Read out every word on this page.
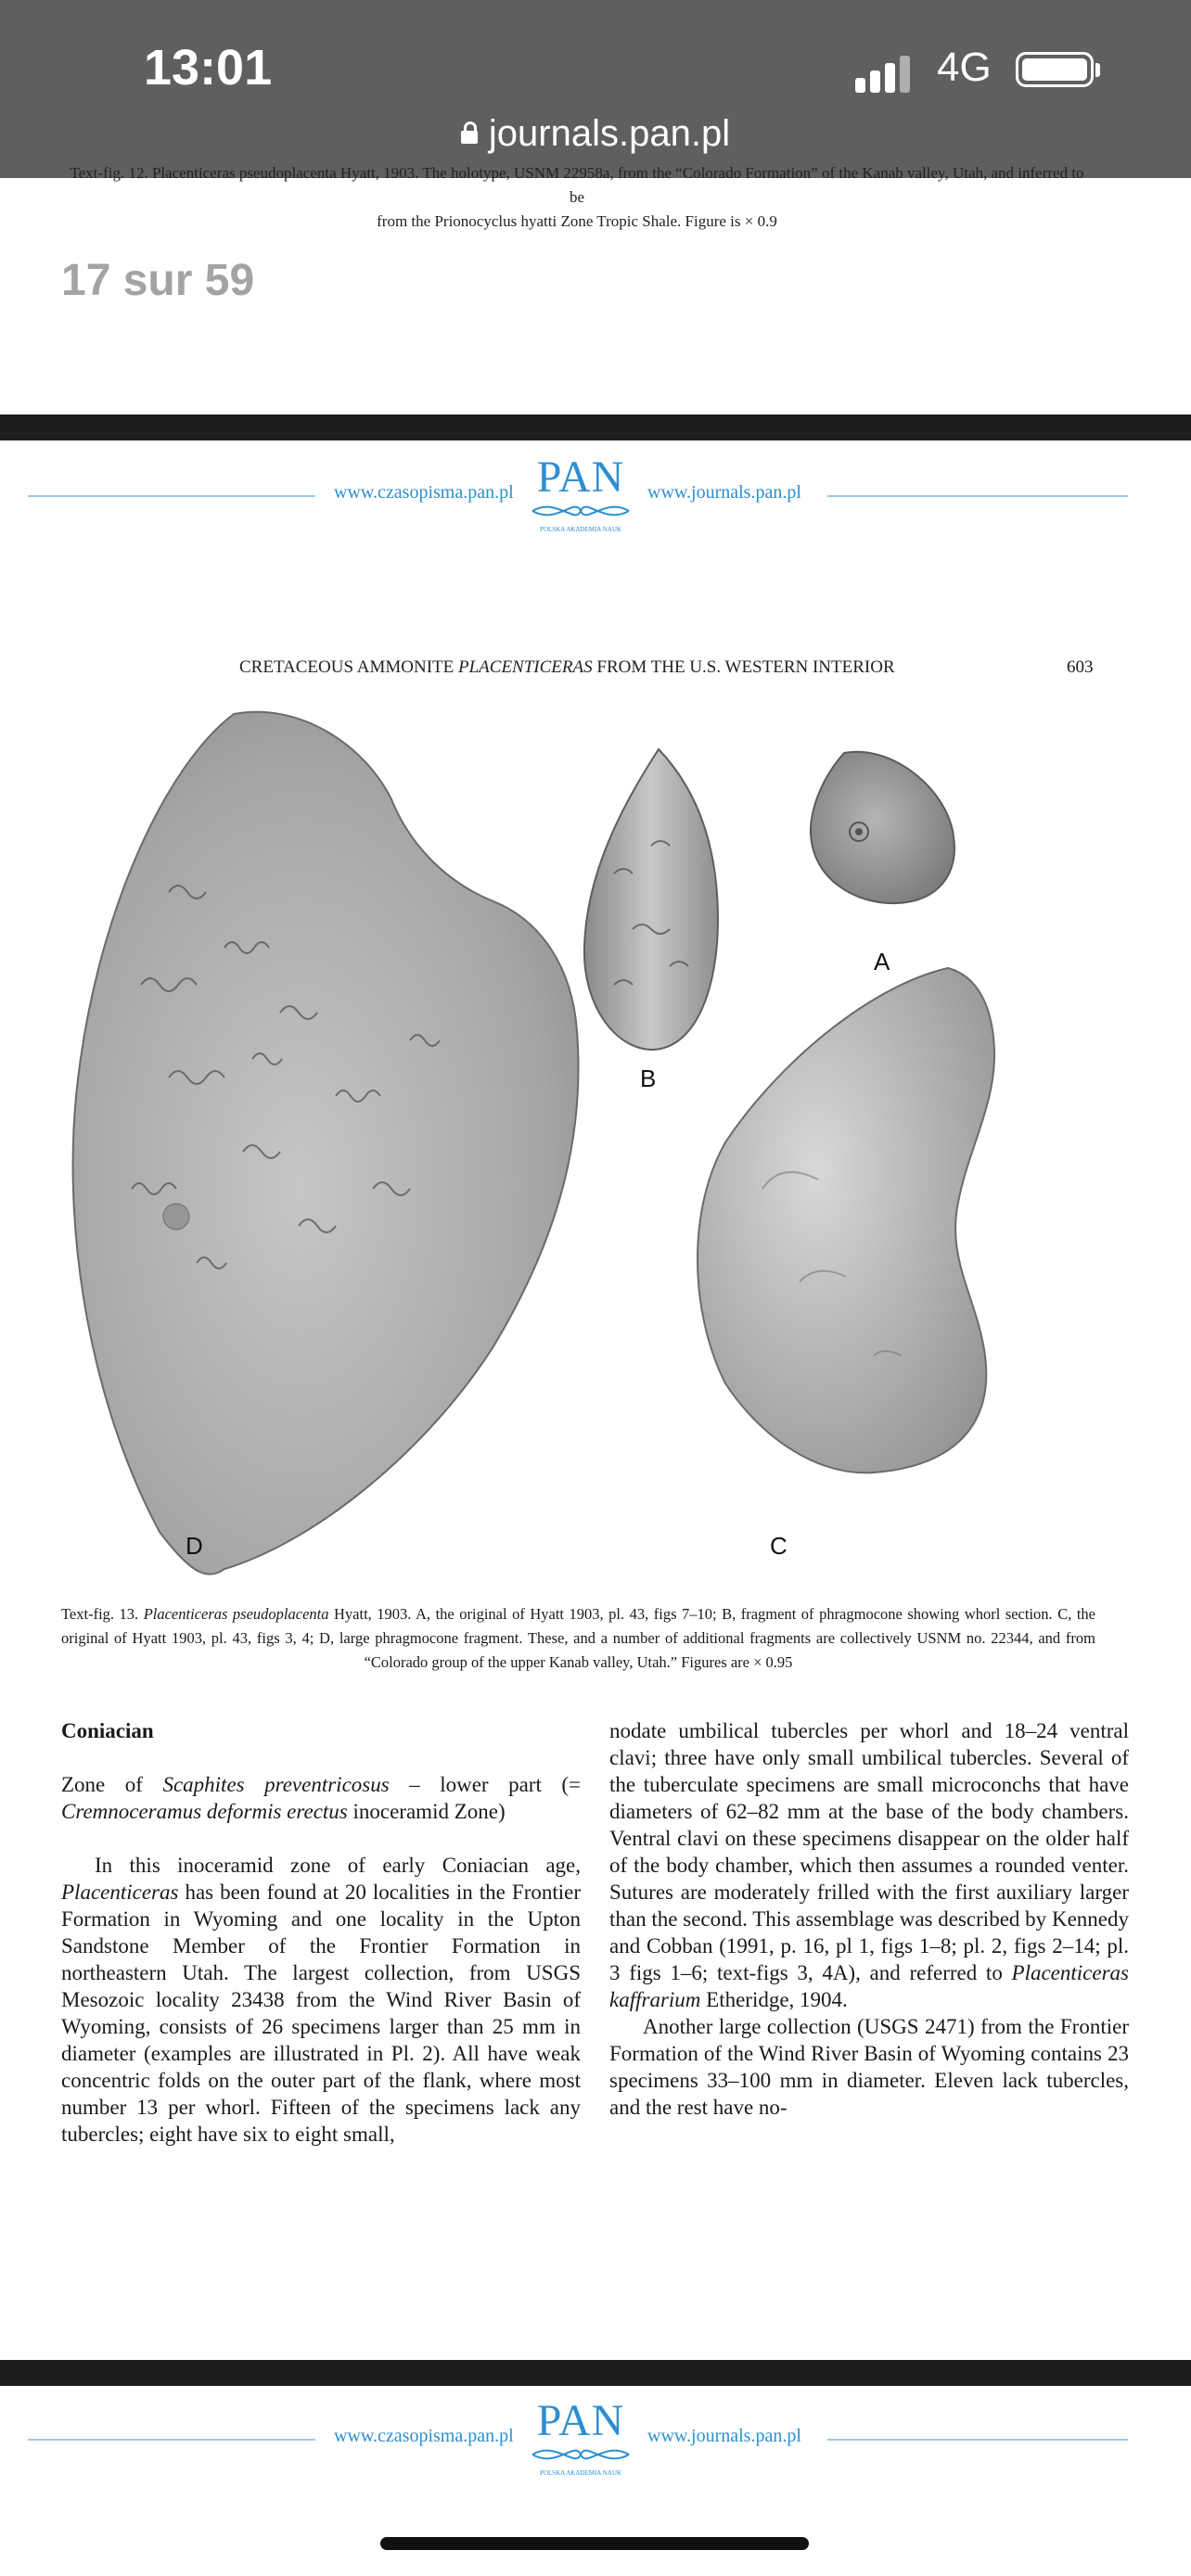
13:01	4G
journals.pan.pl
Text-fig. 12. Placenticeras pseudoplacenta Hyatt, 1903. The holotype, USNM 22958a, from the “Colorado Formation” of the Kanab valley, Utah, and inferred to be
from the Prionocyclus hyatti Zone Tropic Shale. Figure is × 0.9
17 sur 59
www.czasopisma.pan.pl PAN
POLSKA AKADEMIA NAUK
www.journals.pan.pl
CRETACEOUS AMMONITE PLACENTICERAS FROM THE U.S. WESTERN INTERIOR	603
A
B
C
D
Text-fig. 13. Placenticeras pseudoplacenta Hyatt, 1903. A, the original of Hyatt 1903, pl. 43, figs 7–10; B, fragment of phragmocone showing whorl section. C, the original of Hyatt 1903, pl. 43, figs 3, 4; D, large phragmocone fragment. These, and a number of additional fragments are collectively USNM no. 22344, and from “Colorado group of the upper Kanab valley, Utah.” Figures are × 0.95

Coniacian

Zone of Scaphites preventricosus – lower part (= Cremnoceramus deformis erectus inoceramid Zone)

In this inoceramid zone of early Coniacian age, Placenticeras has been found at 20 localities in the Frontier Formation in Wyoming and one locality in the Upton Sandstone Member of the Frontier Formation in northeastern Utah. The largest collection, from USGS Mesozoic locality 23438 from the Wind River Basin of Wyoming, consists of 26 specimens larger than 25 mm in diameter (examples are illustrated in Pl. 2). All have weak concentric folds on the outer part of the flank, where most number 13 per whorl. Fifteen of the specimens lack any tubercles; eight have six to eight small,

nodate umbilical tubercles per whorl and 18–24 ventral clavi; three have only small umbilical tubercles. Several of the tuberculate specimens are small microconchs that have diameters of 62–82 mm at the base of the body chambers. Ventral clavi on these specimens disappear on the older half of the body chamber, which then assumes a rounded venter. Sutures are moderately frilled with the first auxiliary larger than the second. This assemblage was described by Kennedy and Cobban (1991, p. 16, pl 1, figs 1–8; pl. 2, figs 2–14; pl. 3 figs 1–6; text-figs 3, 4A), and referred to Placenticeras kaffrarium Etheridge, 1904.

Another large collection (USGS 2471) from the Frontier Formation of the Wind River Basin of Wyoming contains 23 specimens 33–100 mm in diameter. Eleven lack tubercles, and the rest have no-

www.czasopisma.pan.pl PAN
POLSKA AKADEMIA NAUK
www.journals.pan.pl
